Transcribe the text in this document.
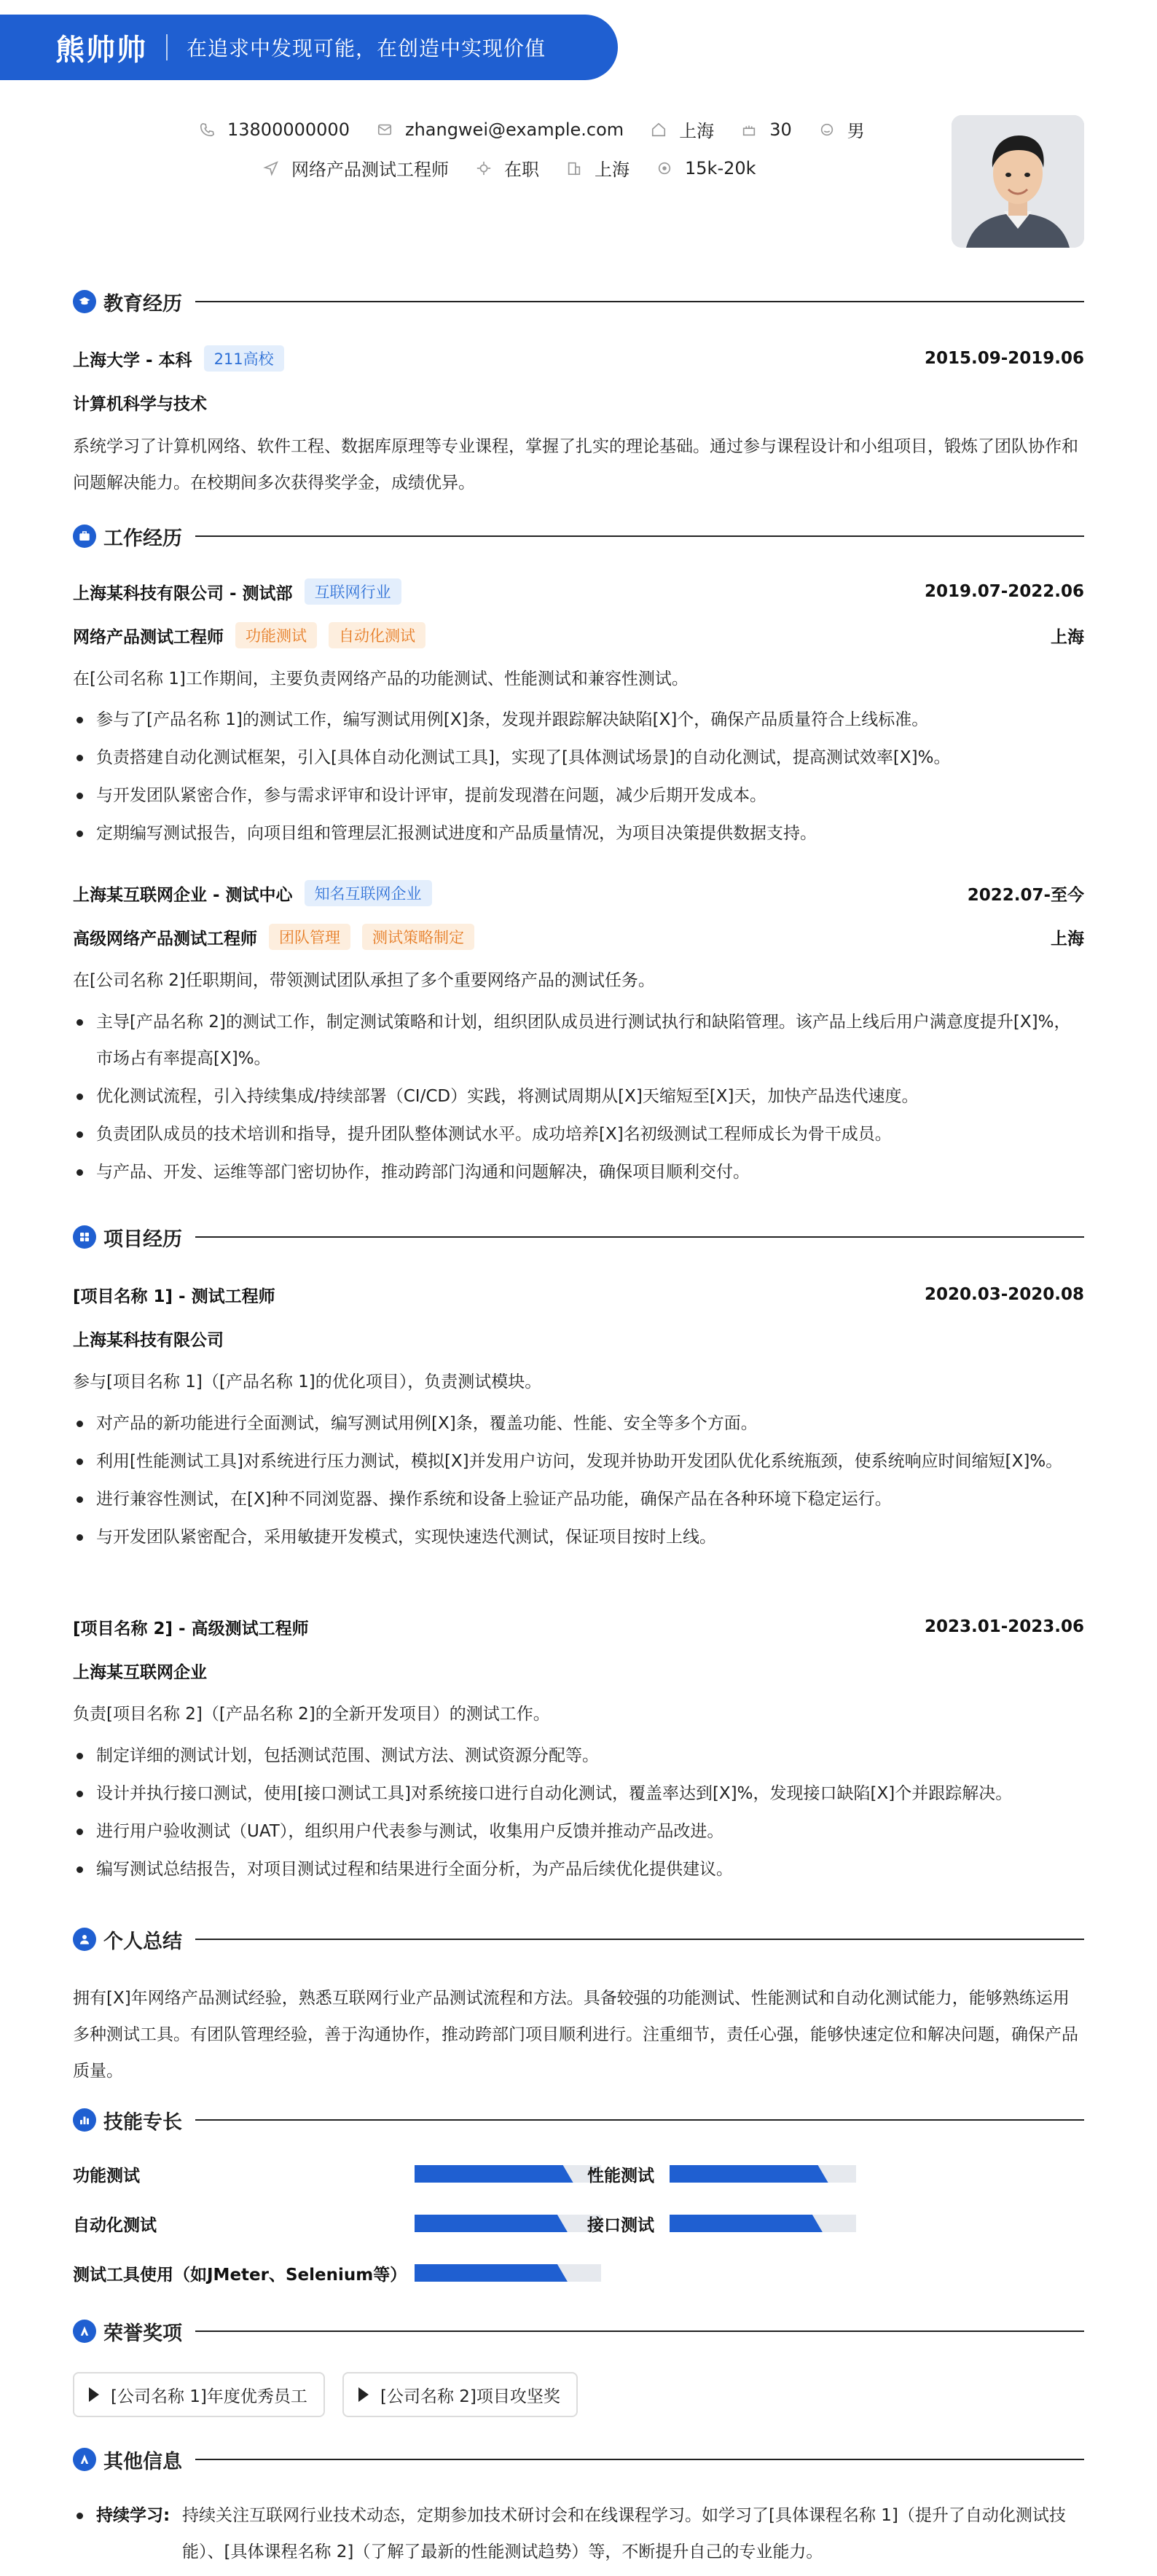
熊帅帅 在追求中发现可能，在创造中实现价值
13800000000	zhangwei@example.com	上海	30	男
网络产品测试工程师	在职	上海	15k-20k
教育经历
上海大学 - 本科	211高校	2015.09-2019.06
计算机科学与技术
系统学习了计算机网络、软件工程、数据库原理等专业课程，掌握了扎实的理论基础。通过参与课程设计和小组项目，锻炼了团队协作和问题解决能力。在校期间多次获得奖学金，成绩优异。
工作经历
上海某科技有限公司 - 测试部	互联网行业	2019.07-2022.06
网络产品测试工程师	功能测试	自动化测试	上海
在[公司名称 1]工作期间，主要负责网络产品的功能测试、性能测试和兼容性测试。
参与了[产品名称 1]的测试工作，编写测试用例[X]条，发现并跟踪解决缺陷[X]个，确保产品质量符合上线标准。
负责搭建自动化测试框架，引入[具体自动化测试工具]，实现了[具体测试场景]的自动化测试，提高测试效率[X]%。
与开发团队紧密合作，参与需求评审和设计评审，提前发现潜在问题，减少后期开发成本。
定期编写测试报告，向项目组和管理层汇报测试进度和产品质量情况，为项目决策提供数据支持。
上海某互联网企业 - 测试中心	知名互联网企业	2022.07-至今
高级网络产品测试工程师	团队管理	测试策略制定	上海
在[公司名称 2]任职期间，带领测试团队承担了多个重要网络产品的测试任务。
主导[产品名称 2]的测试工作，制定测试策略和计划，组织团队成员进行测试执行和缺陷管理。该产品上线后用户满意度提升[X]%，市场占有率提高[X]%。
优化测试流程，引入持续集成/持续部署（CI/CD）实践，将测试周期从[X]天缩短至[X]天，加快产品迭代速度。
负责团队成员的技术培训和指导，提升团队整体测试水平。成功培养[X]名初级测试工程师成长为骨干成员。
与产品、开发、运维等部门密切协作，推动跨部门沟通和问题解决，确保项目顺利交付。
项目经历
[项目名称 1] - 测试工程师	2020.03-2020.08
上海某科技有限公司
参与[项目名称 1]（[产品名称 1]的优化项目），负责测试模块。
对产品的新功能进行全面测试，编写测试用例[X]条，覆盖功能、性能、安全等多个方面。
利用[性能测试工具]对系统进行压力测试，模拟[X]并发用户访问，发现并协助开发团队优化系统瓶颈，使系统响应时间缩短[X]%。
进行兼容性测试，在[X]种不同浏览器、操作系统和设备上验证产品功能，确保产品在各种环境下稳定运行。
与开发团队紧密配合，采用敏捷开发模式，实现快速迭代测试，保证项目按时上线。
[项目名称 2] - 高级测试工程师	2023.01-2023.06
上海某互联网企业
负责[项目名称 2]（[产品名称 2]的全新开发项目）的测试工作。
制定详细的测试计划，包括测试范围、测试方法、测试资源分配等。
设计并执行接口测试，使用[接口测试工具]对系统接口进行自动化测试，覆盖率达到[X]%，发现接口缺陷[X]个并跟踪解决。
进行用户验收测试（UAT），组织用户代表参与测试，收集用户反馈并推动产品改进。
编写测试总结报告，对项目测试过程和结果进行全面分析，为产品后续优化提供建议。
个人总结
拥有[X]年网络产品测试经验，熟悉互联网行业产品测试流程和方法。具备较强的功能测试、性能测试和自动化测试能力，能够熟练运用多种测试工具。有团队管理经验，善于沟通协作，推动跨部门项目顺利进行。注重细节，责任心强，能够快速定位和解决问题，确保产品质量。
技能专长
功能测试	性能测试
自动化测试	接口测试
测试工具使用（如JMeter、Selenium等）
荣誉奖项
[公司名称 1]年度优秀员工	[公司名称 2]项目攻坚奖
其他信息
持续学习: 持续关注互联网行业技术动态，定期参加技术研讨会和在线课程学习。如学习了[具体课程名称 1]（提升了自动化测试技能）、[具体课程名称 2]（了解了最新的性能测试趋势）等，不断提升自己的专业能力。
